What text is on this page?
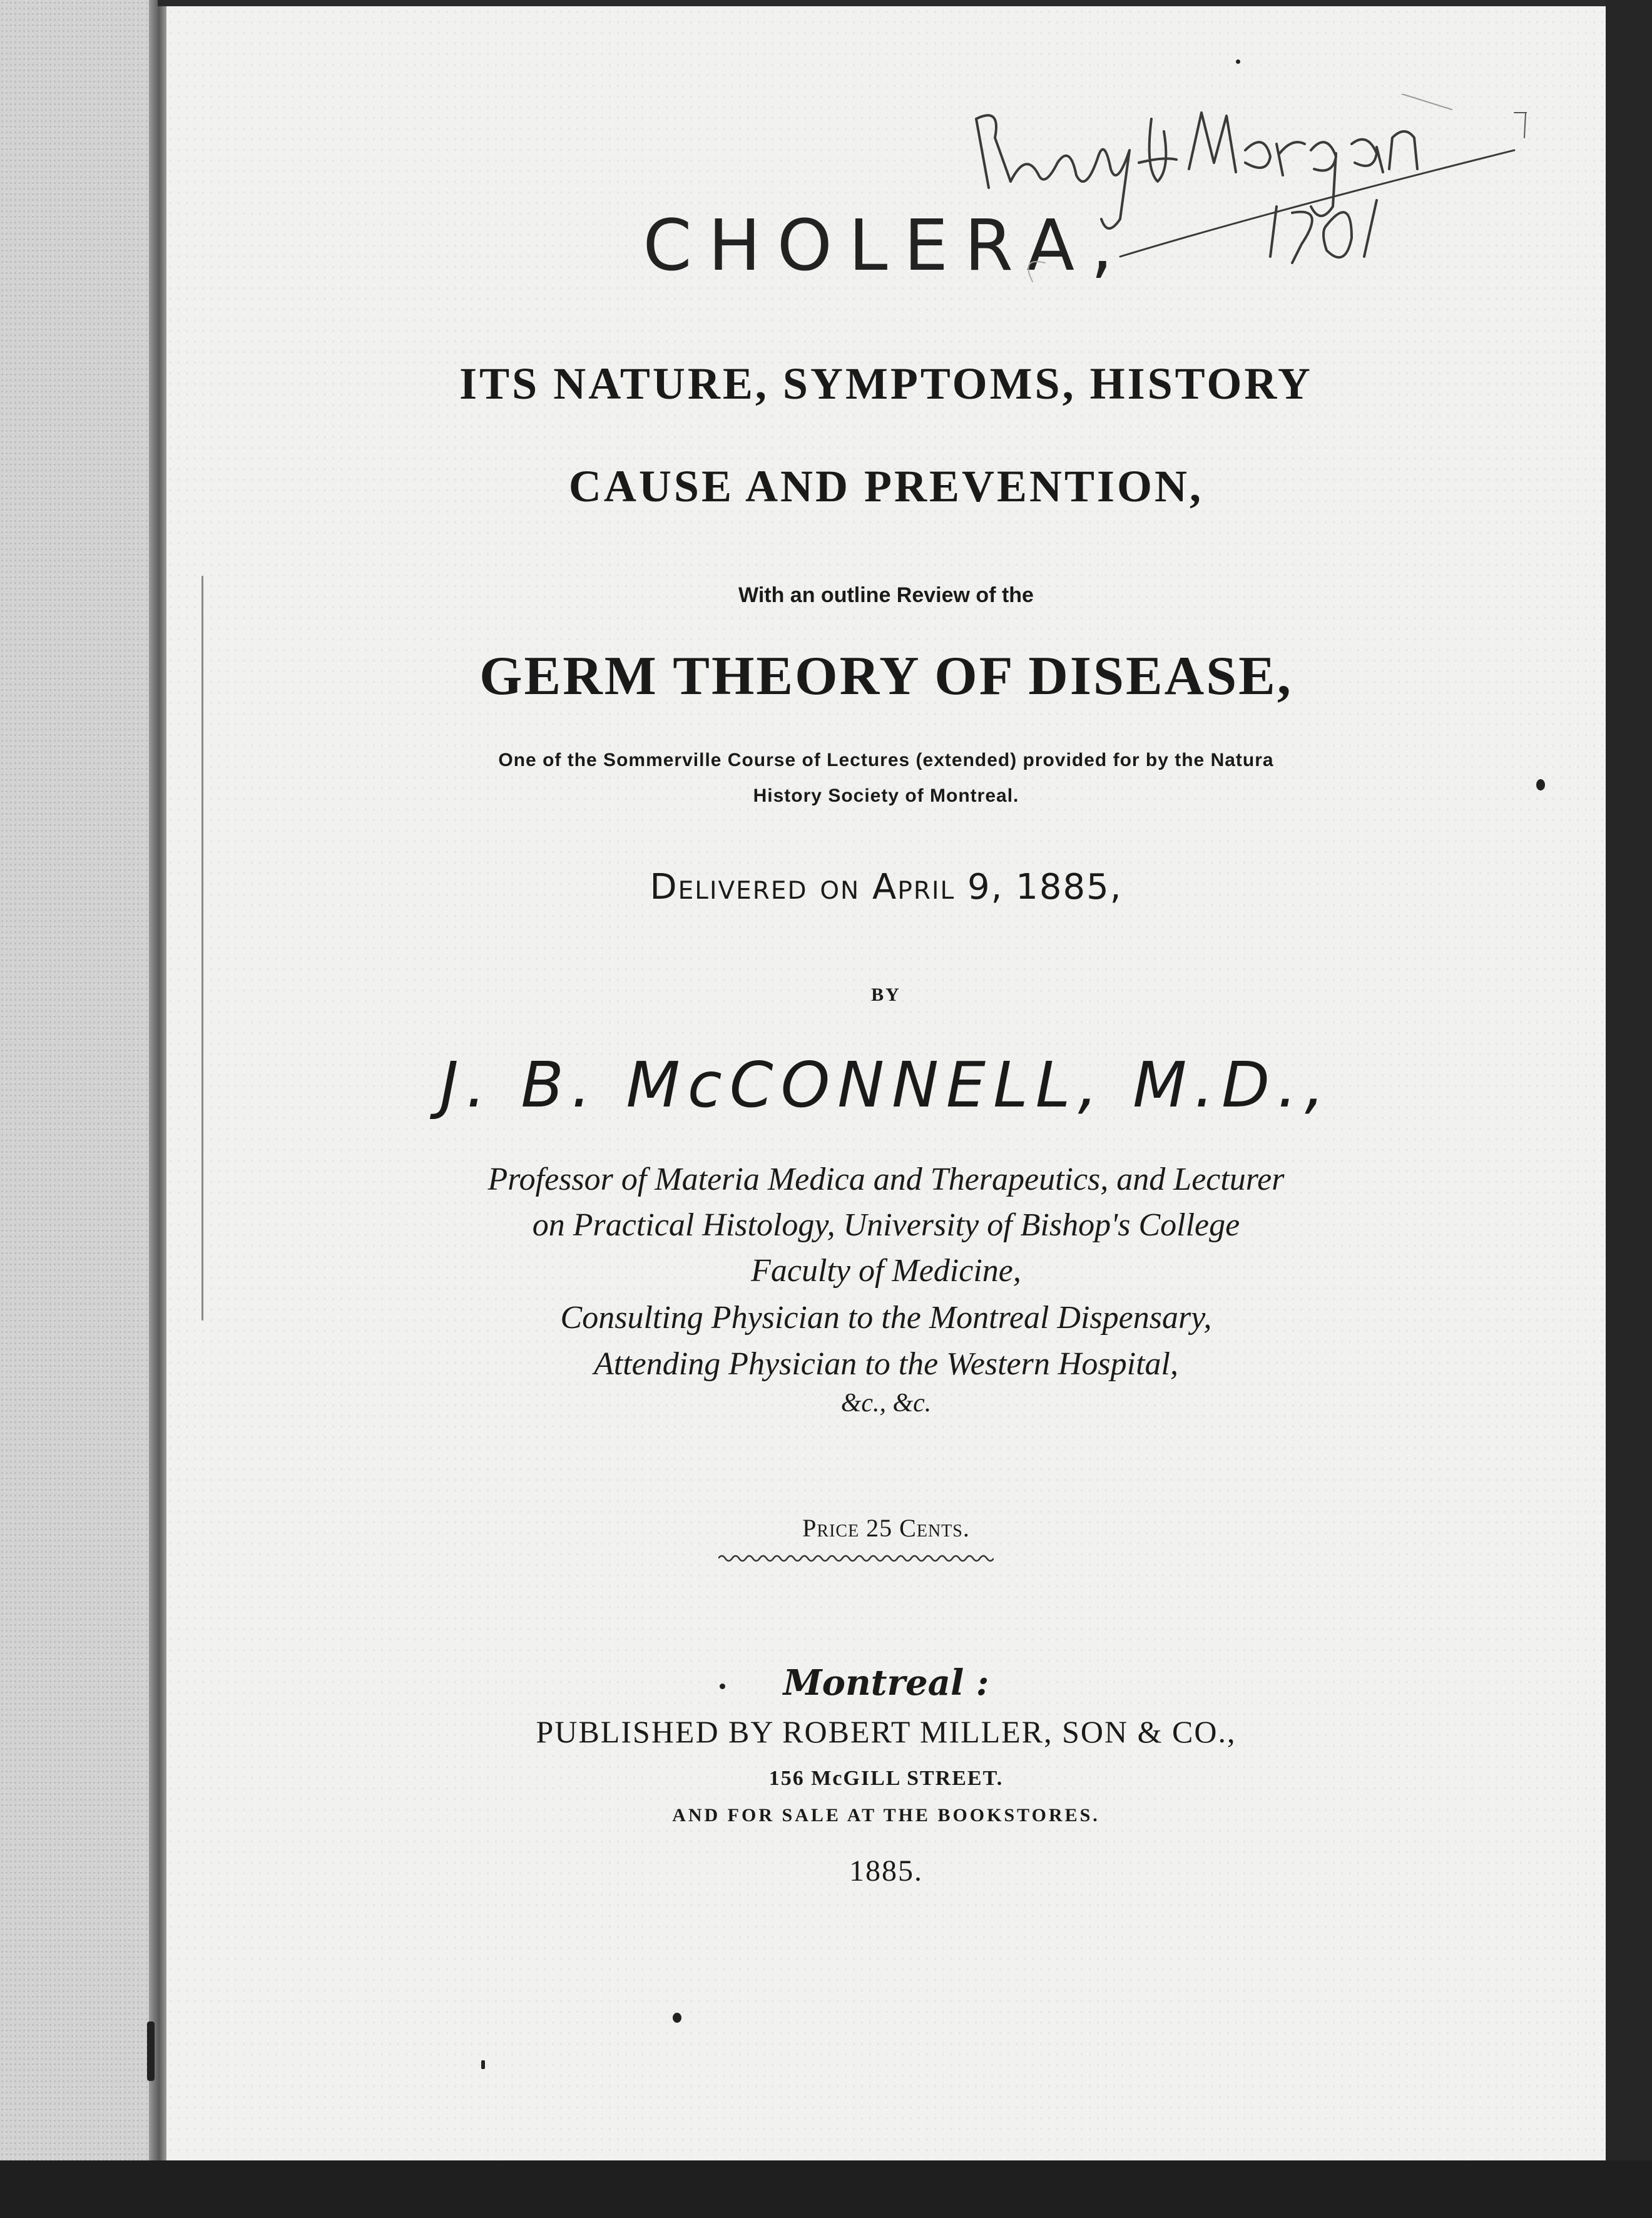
CHOLERA,
ITS NATURE, SYMPTOMS, HISTORY
CAUSE AND PREVENTION,
With an outline Review of the
GERM THEORY OF DISEASE,
One of the Sommerville Course of Lectures (extended) provided for by the Natura
History Society of Montreal.
Delivered on April 9, 1885,
BY
J. B. McCONNELL, M.D.,
Professor of Materia Medica and Therapeutics, and Lecturer
on Practical Histology, University of Bishop's College
Faculty of Medicine,
Consulting Physician to the Montreal Dispensary,
Attending Physician to the Western Hospital,
&c., &c.
Price 25 Cents.
Montreal :
PUBLISHED BY ROBERT MILLER, SON & CO.,
156 McGILL STREET.
AND FOR SALE AT THE BOOKSTORES.
1885.
